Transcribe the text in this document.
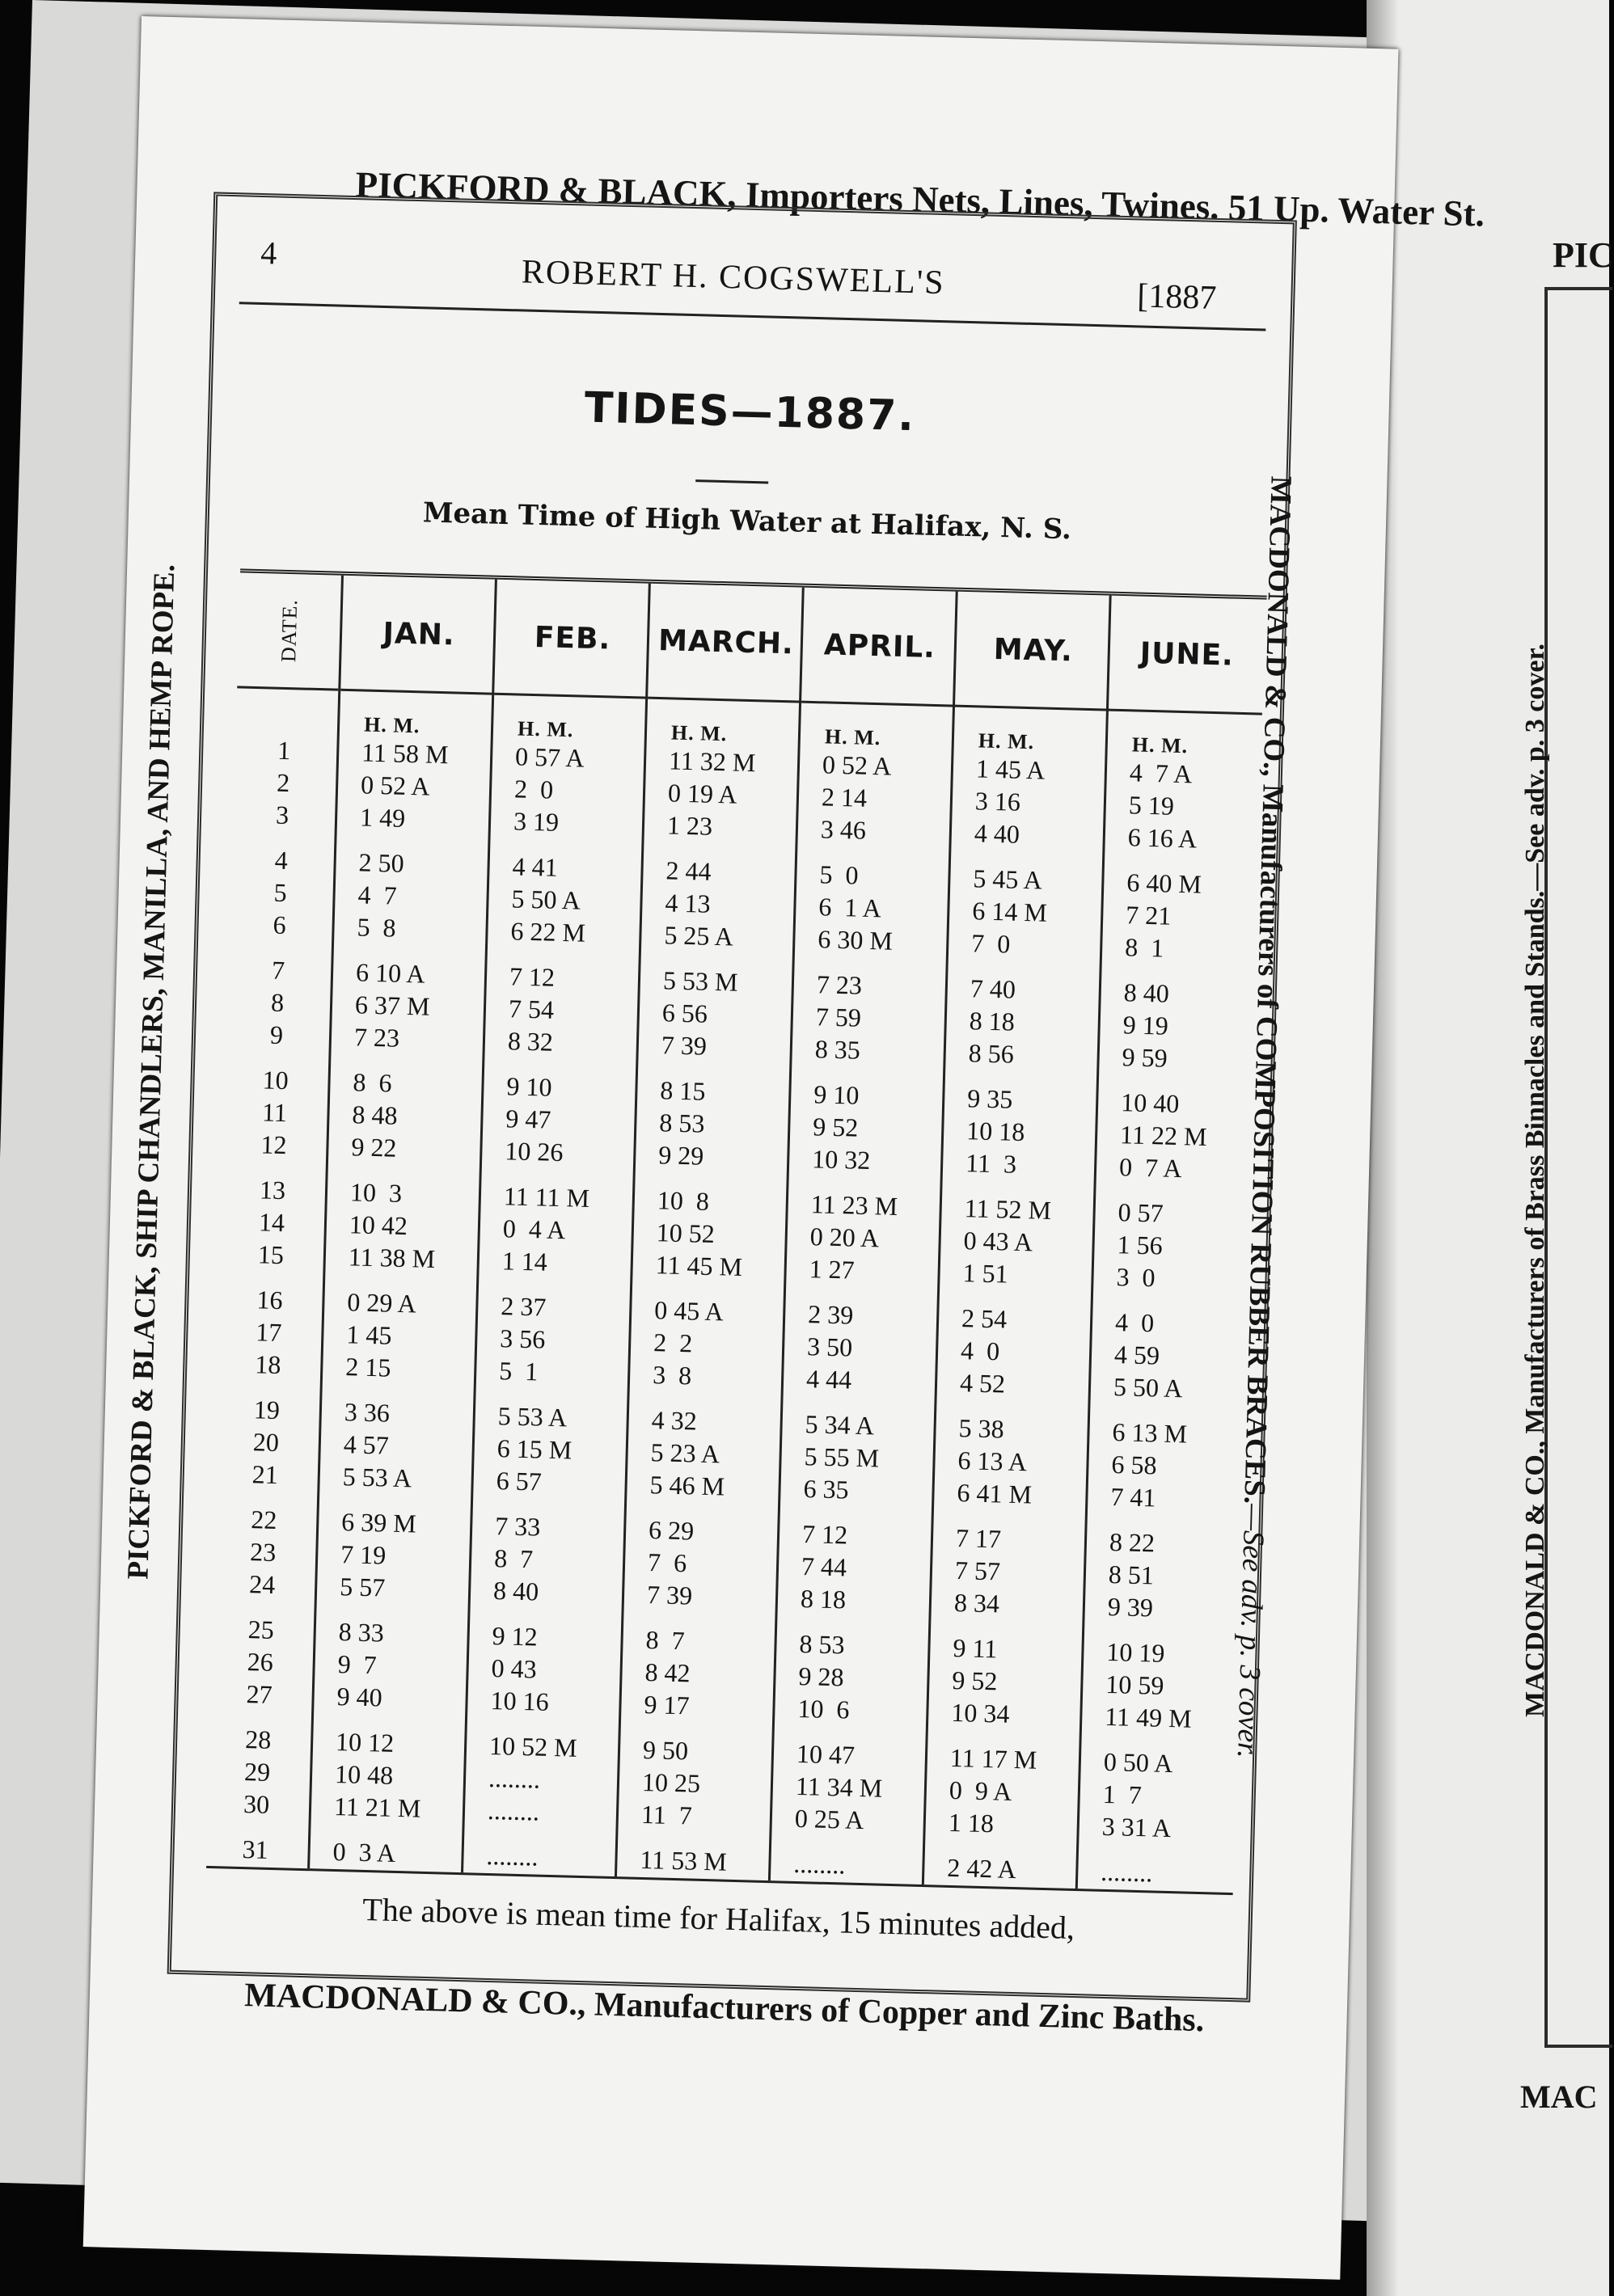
PIC
MAC
MACDONALD & CO., Manufacturers of Brass Binnacles and Stands.—See adv. p. 3 cover.
PICKFORD & BLACK, Importers Nets, Lines, Twines. 51 Up. Water St.
PICKFORD & BLACK, SHIP CHANDLERS, MANILLA, AND HEMP ROPE.	MACDONALD & CO., Manufacturers of COMPOSITION RUBBER BRACES.—See adv. p. 3 cover.
4
ROBERT H. COGSWELL'S	[1887
TIDES—1887.
Mean Time of High Water at Halifax, N. S.
DATE.
1
2
3
4
5
6
7
8
9
10
11
12
13
14
15
16
17
18
19
20
21
22
23
24
25
26
27
28
29
30
31
JAN.
H. M.
11 58 M
0 52 A
1 49
2 50
4  7
5  8
6 10 A
6 37 M
7 23
8  6
8 48
9 22
10  3
10 42
11 38 M
0 29 A
1 45
2 15
3 36
4 57
5 53 A
6 39 M
7 19
5 57
8 33
9  7
9 40
10 12
10 48
11 21 M
0  3 A
FEB.
H. M.
0 57 A
2  0
3 19
4 41
5 50 A
6 22 M
7 12
7 54
8 32
9 10
9 47
10 26
11 11 M
0  4 A
1 14
2 37
3 56
5  1
5 53 A
6 15 M
6 57
7 33
8  7
8 40
9 12
0 43
10 16
10 52 M
........
........
........
MARCH.
H. M.
11 32 M
0 19 A
1 23
2 44
4 13
5 25 A
5 53 M
6 56
7 39
8 15
8 53
9 29
10  8
10 52
11 45 M
0 45 A
2  2
3  8
4 32
5 23 A
5 46 M
6 29
7  6
7 39
8  7
8 42
9 17
9 50
10 25
11  7
11 53 M
APRIL.
H. M.
0 52 A
2 14
3 46
5  0
6  1 A
6 30 M
7 23
7 59
8 35
9 10
9 52
10 32
11 23 M
0 20 A
1 27
2 39
3 50
4 44
5 34 A
5 55 M
6 35
7 12
7 44
8 18
8 53
9 28
10  6
10 47
11 34 M
0 25 A
........
MAY.
H. M.
1 45 A
3 16
4 40
5 45 A
6 14 M
7  0
7 40
8 18
8 56
9 35
10 18
11  3
11 52 M
0 43 A
1 51
2 54
4  0
4 52
5 38
6 13 A
6 41 M
7 17
7 57
8 34
9 11
9 52
10 34
11 17 M
0  9 A
1 18
2 42 A
JUNE.
H. M.
4  7 A
5 19
6 16 A
6 40 M
7 21
8  1
8 40
9 19
9 59
10 40
11 22 M
0  7 A
0 57
1 56
3  0
4  0
4 59
5 50 A
6 13 M
6 58
7 41
8 22
8 51
9 39
10 19
10 59
11 49 M
0 50 A
1  7
3 31 A
........
The above is mean time for Halifax, 15 minutes added,
MACDONALD & CO., Manufacturers of Copper and Zinc Baths.
